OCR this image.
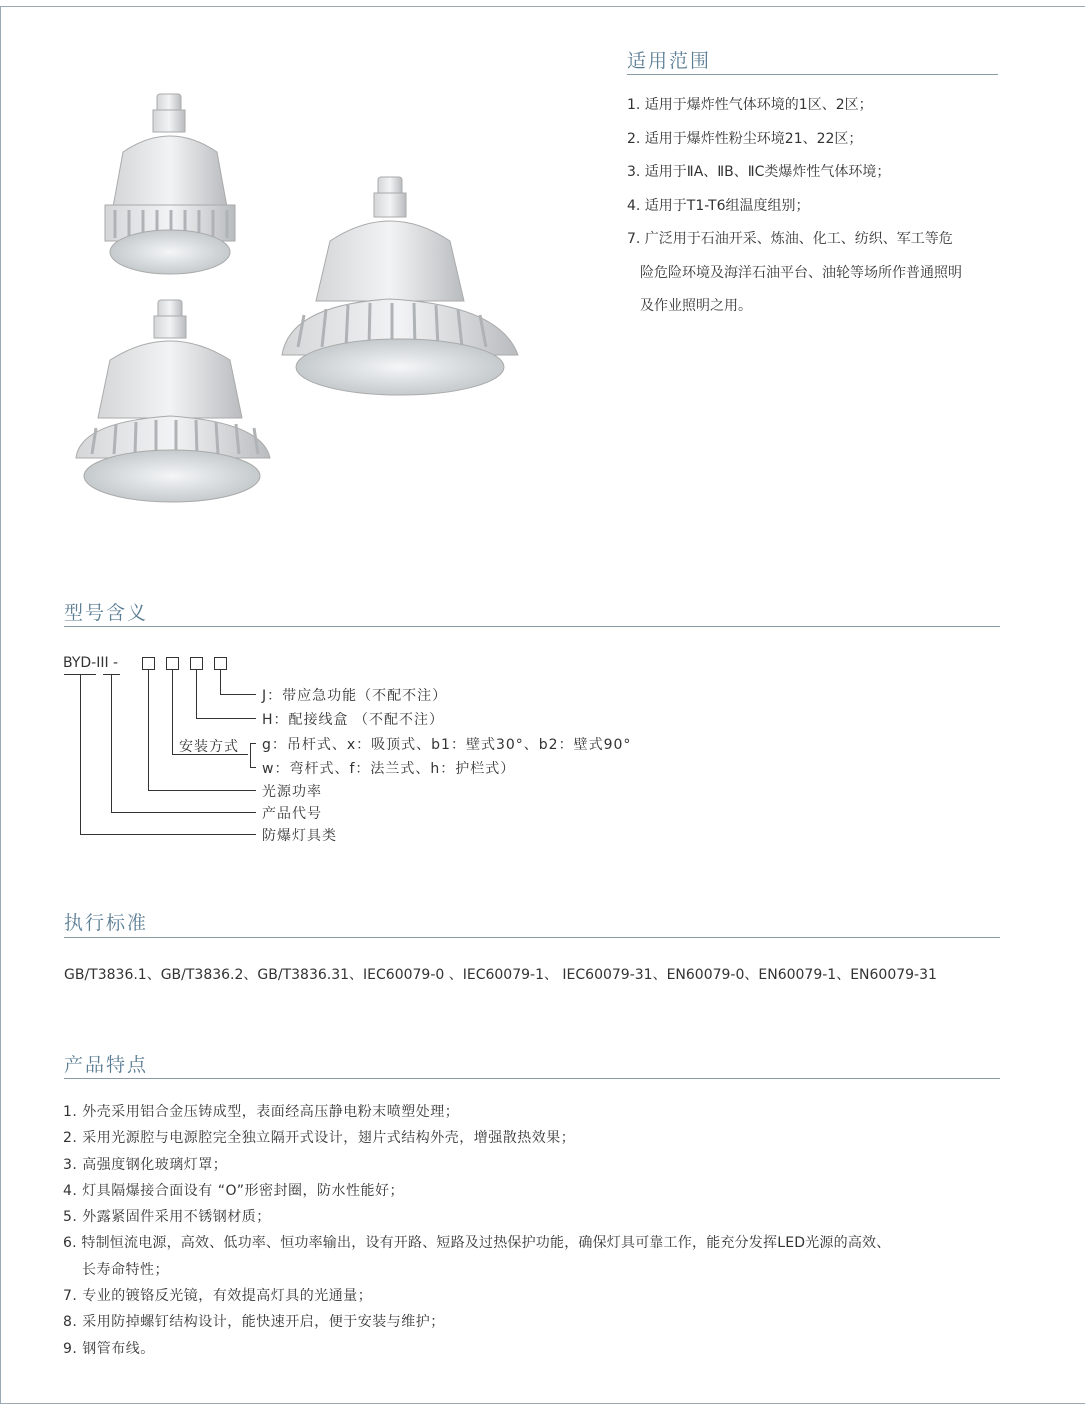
适用范围
1. 适用于爆炸性气体环境的1区、2区；
2. 适用于爆炸性粉尘环境21、22区；
3. 适用于ⅡA、ⅡB、ⅡC类爆炸性气体环境；
4. 适用于T1-T6组温度组别；
7. 广泛用于石油开采、炼油、化工、纺织、军工等危
险危险环境及海洋石油平台、油轮等场所作普通照明
及作业照明之用。
型号含义
BYD-III -
J：带应急功能（不配不注）
H：配接线盒 （不配不注）
安装方式 g：吊杆式、x：吸顶式、b1：壁式30°、b2：壁式90°
w：弯杆式、f：法兰式、h：护栏式）
光源功率
产品代号
防爆灯具类
执行标准
GB/T3836.1、GB/T3836.2、GB/T3836.31、IEC60079-0 、IEC60079-1、 IEC60079-31、EN60079-0、EN60079-1、EN60079-31
产品特点
1. 外壳采用铝合金压铸成型，表面经高压静电粉末喷塑处理；
2. 采用光源腔与电源腔完全独立隔开式设计，翅片式结构外壳，增强散热效果；
3. 高强度钢化玻璃灯罩；
4. 灯具隔爆接合面设有 “O”形密封圈，防水性能好；
5. 外露紧固件采用不锈钢材质；
6. 特制恒流电源，高效、低功率、恒功率输出，设有开路、短路及过热保护功能，确保灯具可靠工作，能充分发挥LED光源的高效、
长寿命特性；
7. 专业的镀铬反光镜，有效提高灯具的光通量；
8. 采用防掉螺钉结构设计，能快速开启，便于安装与维护；
9. 钢管布线。
